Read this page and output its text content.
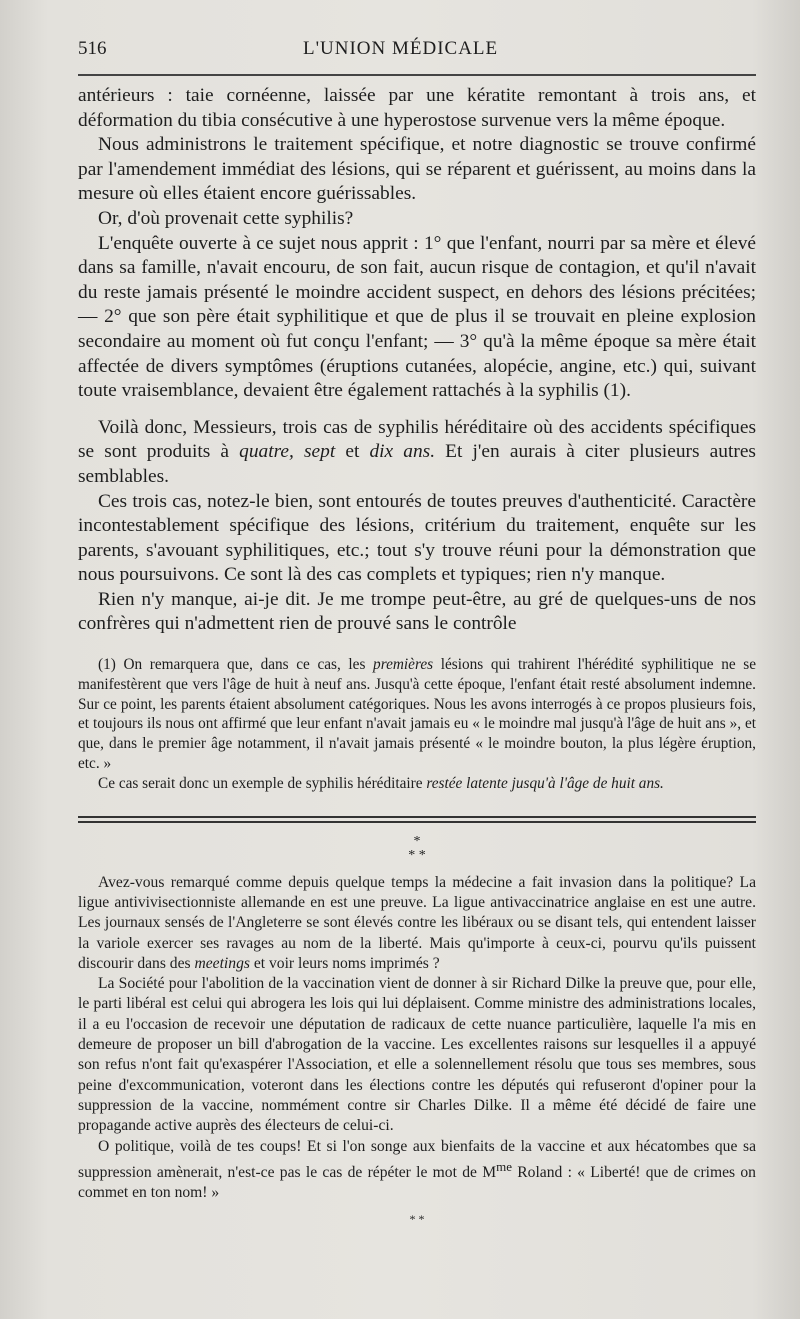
516	L'UNION MÉDICALE

antérieurs : taie cornéenne, laissée par une kératite remontant à trois ans, et déformation du tibia consécutive à une hyperostose survenue vers la même époque.

Nous administrons le traitement spécifique, et notre diagnostic se trouve confirmé par l'amendement immédiat des lésions, qui se réparent et guérissent, au moins dans la mesure où elles étaient encore guérissables.

Or, d'où provenait cette syphilis?

L'enquête ouverte à ce sujet nous apprit : 1° que l'enfant, nourri par sa mère et élevé dans sa famille, n'avait encouru, de son fait, aucun risque de contagion, et qu'il n'avait du reste jamais présenté le moindre accident suspect, en dehors des lésions précitées; — 2° que son père était syphilitique et que de plus il se trouvait en pleine explosion secondaire au moment où fut conçu l'enfant; — 3° qu'à la même époque sa mère était affectée de divers symptômes (éruptions cutanées, alopécie, angine, etc.) qui, suivant toute vraisemblance, devaient être également rattachés à la syphilis (1).

Voilà donc, Messieurs, trois cas de syphilis héréditaire où des accidents spécifiques se sont produits à quatre, sept et dix ans. Et j'en aurais à citer plusieurs autres semblables.

Ces trois cas, notez-le bien, sont entourés de toutes preuves d'authenticité. Caractère incontestablement spécifique des lésions, critérium du traitement, enquête sur les parents, s'avouant syphilitiques, etc.; tout s'y trouve réuni pour la démonstration que nous poursuivons. Ce sont là des cas complets et typiques; rien n'y manque.

Rien n'y manque, ai-je dit. Je me trompe peut-être, au gré de quelques-uns de nos confrères qui n'admettent rien de prouvé sans le contrôle

(1) On remarquera que, dans ce cas, les premières lésions qui trahirent l'hérédité syphilitique ne se manifestèrent que vers l'âge de huit à neuf ans. Jusqu'à cette époque, l'enfant était resté absolument indemne. Sur ce point, les parents étaient absolument catégoriques. Nous les avons interrogés à ce propos plusieurs fois, et toujours ils nous ont affirmé que leur enfant n'avait jamais eu « le moindre mal jusqu'à l'âge de huit ans », et que, dans le premier âge notamment, il n'avait jamais présenté « le moindre bouton, la plus légère éruption, etc. »

Ce cas serait donc un exemple de syphilis héréditaire restée latente jusqu'à l'âge de huit ans.

*
* *

Avez-vous remarqué comme depuis quelque temps la médecine a fait invasion dans la politique? La ligue antivivisectionniste allemande en est une preuve. La ligue antivaccinatrice anglaise en est une autre. Les journaux sensés de l'Angleterre se sont élevés contre les libéraux ou se disant tels, qui entendent laisser la variole exercer ses ravages au nom de la liberté. Mais qu'importe à ceux-ci, pourvu qu'ils puissent discourir dans des meetings et voir leurs noms imprimés ?

La Société pour l'abolition de la vaccination vient de donner à sir Richard Dilke la preuve que, pour elle, le parti libéral est celui qui abrogera les lois qui lui déplaisent. Comme ministre des administrations locales, il a eu l'occasion de recevoir une députation de radicaux de cette nuance particulière, laquelle l'a mis en demeure de proposer un bill d'abrogation de la vaccine. Les excellentes raisons sur lesquelles il a appuyé son refus n'ont fait qu'exaspérer l'Association, et elle a solennellement résolu que tous ses membres, sous peine d'excommunication, voteront dans les élections contre les députés qui refuseront d'opiner pour la suppression de la vaccine, nommément contre sir Charles Dilke. Il a même été décidé de faire une propagande active auprès des électeurs de celui-ci.

O politique, voilà de tes coups! Et si l'on songe aux bienfaits de la vaccine et aux hécatombes que sa suppression amènerait, n'est-ce pas le cas de répéter le mot de $M^{me}$ Roland : « Liberté! que de crimes on commet en ton nom! »

* *
